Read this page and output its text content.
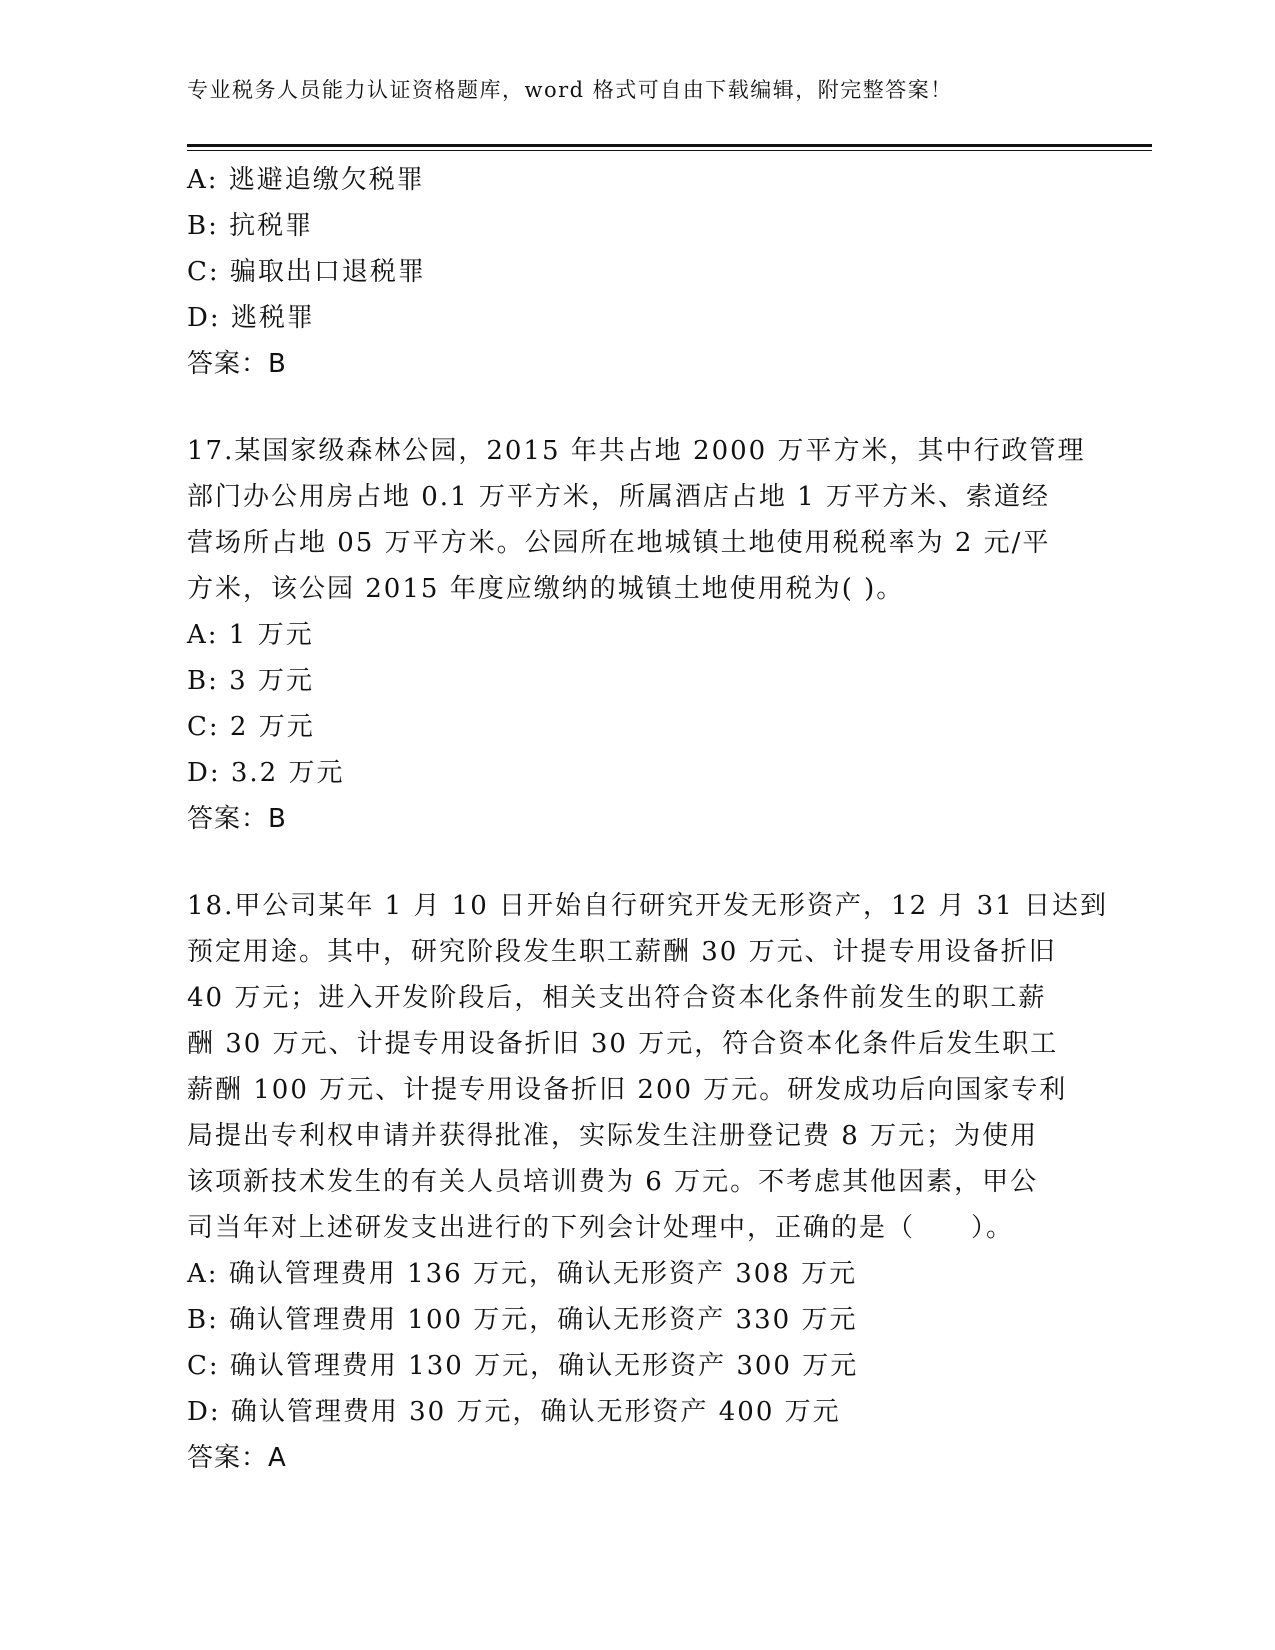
专业税务人员能力认证资格题库，word 格式可自由下载编辑，附完整答案！
A: 逃避追缴欠税罪
B: 抗税罪
C: 骗取出口退税罪
D: 逃税罪
答案：B
17.某国家级森林公园，2015 年共占地 2000 万平方米，其中行政管理
部门办公用房占地 0.1 万平方米，所属酒店占地 1 万平方米、索道经
营场所占地 05 万平方米。公园所在地城镇土地使用税税率为 2 元/平
方米，该公园 2015 年度应缴纳的城镇土地使用税为( )。
A: 1 万元
B: 3 万元
C: 2 万元
D: 3.2 万元
答案：B
18.甲公司某年 1 月 10 日开始自行研究开发无形资产，12 月 31 日达到
预定用途。其中，研究阶段发生职工薪酬 30 万元、计提专用设备折旧
40 万元；进入开发阶段后，相关支出符合资本化条件前发生的职工薪
酬 30 万元、计提专用设备折旧 30 万元，符合资本化条件后发生职工
薪酬 100 万元、计提专用设备折旧 200 万元。研发成功后向国家专利
局提出专利权申请并获得批准，实际发生注册登记费 8 万元；为使用
该项新技术发生的有关人员培训费为 6 万元。不考虑其他因素，甲公
司当年对上述研发支出进行的下列会计处理中，正确的是（　　）。
A: 确认管理费用 136 万元，确认无形资产 308 万元
B: 确认管理费用 100 万元，确认无形资产 330 万元
C: 确认管理费用 130 万元，确认无形资产 300 万元
D: 确认管理费用 30 万元，确认无形资产 400 万元
答案：A
